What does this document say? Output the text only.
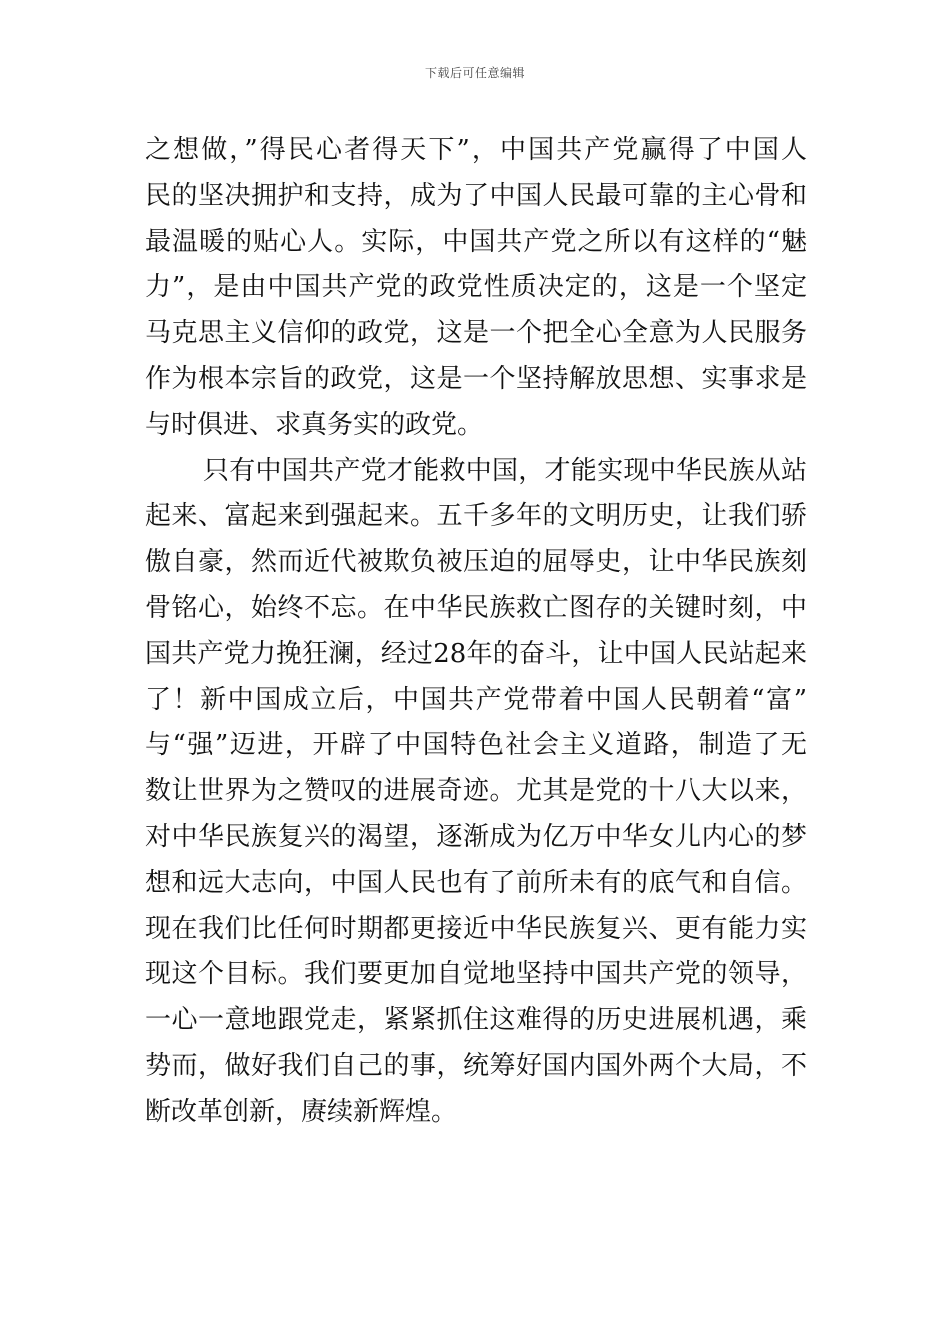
下载后可任意编辑
之想做，”得民心者得天下”，中国共产党赢得了中国人
民的坚决拥护和支持，成为了中国人民最可靠的主心骨和
最温暖的贴心人。实际，中国共产党之所以有这样的“魅
力”，是由中国共产党的政党性质决定的，这是一个坚定
马克思主义信仰的政党，这是一个把全心全意为人民服务
作为根本宗旨的政党，这是一个坚持解放思想、实事求是
与时俱进、求真务实的政党。
只有中国共产党才能救中国，才能实现中华民族从站
起来、富起来到强起来。五千多年的文明历史，让我们骄
傲自豪，然而近代被欺负被压迫的屈辱史，让中华民族刻
骨铭心，始终不忘。在中华民族救亡图存的关键时刻，中
国共产党力挽狂澜，经过28年的奋斗，让中国人民站起来
了！新中国成立后，中国共产党带着中国人民朝着“富”
与“强”迈进，开辟了中国特色社会主义道路，制造了无
数让世界为之赞叹的进展奇迹。尤其是党的十八大以来，
对中华民族复兴的渴望，逐渐成为亿万中华女儿内心的梦
想和远大志向，中国人民也有了前所未有的底气和自信。
现在我们比任何时期都更接近中华民族复兴、更有能力实
现这个目标。我们要更加自觉地坚持中国共产党的领导，
一心一意地跟党走，紧紧抓住这难得的历史进展机遇，乘
势而，做好我们自己的事，统筹好国内国外两个大局，不
断改革创新，赓续新辉煌。
